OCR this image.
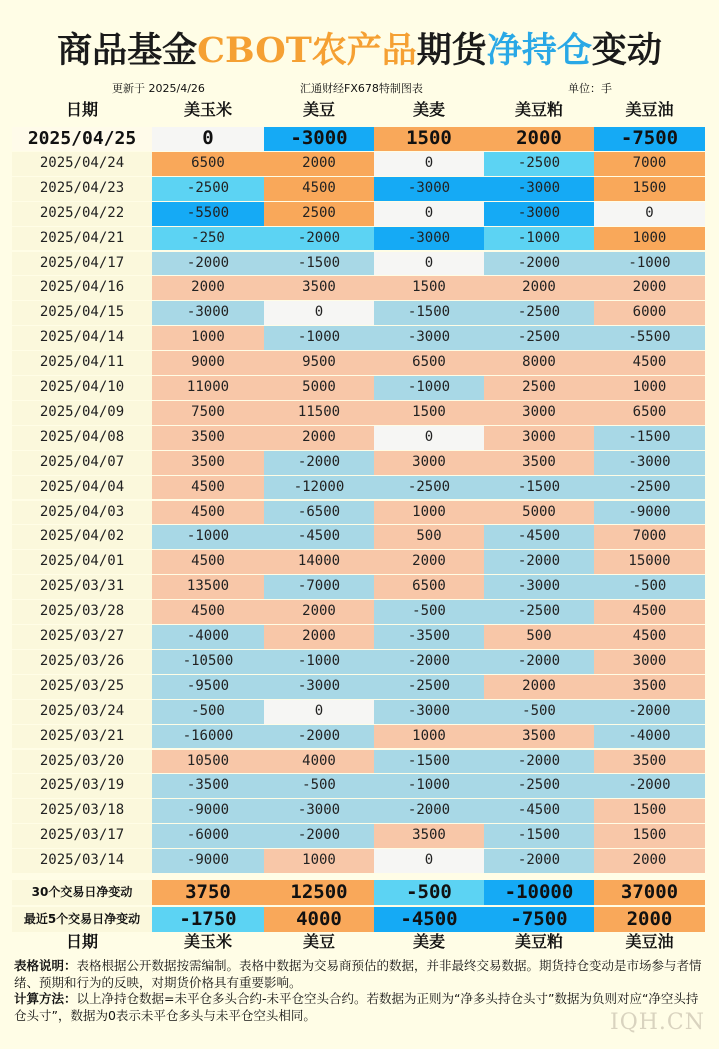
商品基金CBOT农产品期货净持仓变动
更新于 2025/4/26	汇通财经FX678特制图表	单位：手
日期	美玉米	美豆	美麦	美豆粕	美豆油
2025/04/25	0	-3000	1500	2000	-7500
2025/04/24	6500	2000	0	-2500	7000
2025/04/23	-2500	4500	-3000	-3000	1500
2025/04/22	-5500	2500	0	-3000	0
2025/04/21	-250	-2000	-3000	-1000	1000
2025/04/17	-2000	-1500	0	-2000	-1000
2025/04/16	2000	3500	1500	2000	2000
2025/04/15	-3000	0	-1500	-2500	6000
2025/04/14	1000	-1000	-3000	-2500	-5500
2025/04/11	9000	9500	6500	8000	4500
2025/04/10	11000	5000	-1000	2500	1000
2025/04/09	7500	11500	1500	3000	6500
2025/04/08	3500	2000	0	3000	-1500
2025/04/07	3500	-2000	3000	3500	-3000
2025/04/04	4500	-12000	-2500	-1500	-2500
2025/04/03	4500	-6500	1000	5000	-9000
2025/04/02	-1000	-4500	500	-4500	7000
2025/04/01	4500	14000	2000	-2000	15000
2025/03/31	13500	-7000	6500	-3000	-500
2025/03/28	4500	2000	-500	-2500	4500
2025/03/27	-4000	2000	-3500	500	4500
2025/03/26	-10500	-1000	-2000	-2000	3000
2025/03/25	-9500	-3000	-2500	2000	3500
2025/03/24	-500	0	-3000	-500	-2000
2025/03/21	-16000	-2000	1000	3500	-4000
2025/03/20	10500	4000	-1500	-2000	3500
2025/03/19	-3500	-500	-1000	-2500	-2000
2025/03/18	-9000	-3000	-2000	-4500	1500
2025/03/17	-6000	-2000	3500	-1500	1500
2025/03/14	-9000	1000	0	-2000	2000
30个交易日净变动	3750	12500	-500	-10000	37000
最近5个交易日净变动	-1750	4000	-4500	-7500	2000
日期	美玉米	美豆	美麦	美豆粕	美豆油
表格说明：表格根据公开数据按需编制。表格中数据为交易商预估的数据，并非最终交易数据。期货持仓变动是市场参与者情绪、预期和行为的反映，对期货价格具有重要影响。
计算方法：以上净持仓数据=未平仓多头合约-未平仓空头合约。若数据为正则为“净多头持仓头寸”数据为负则对应“净空头持仓头寸”，数据为0表示未平仓多头与未平仓空头相同。	IQH.CN
